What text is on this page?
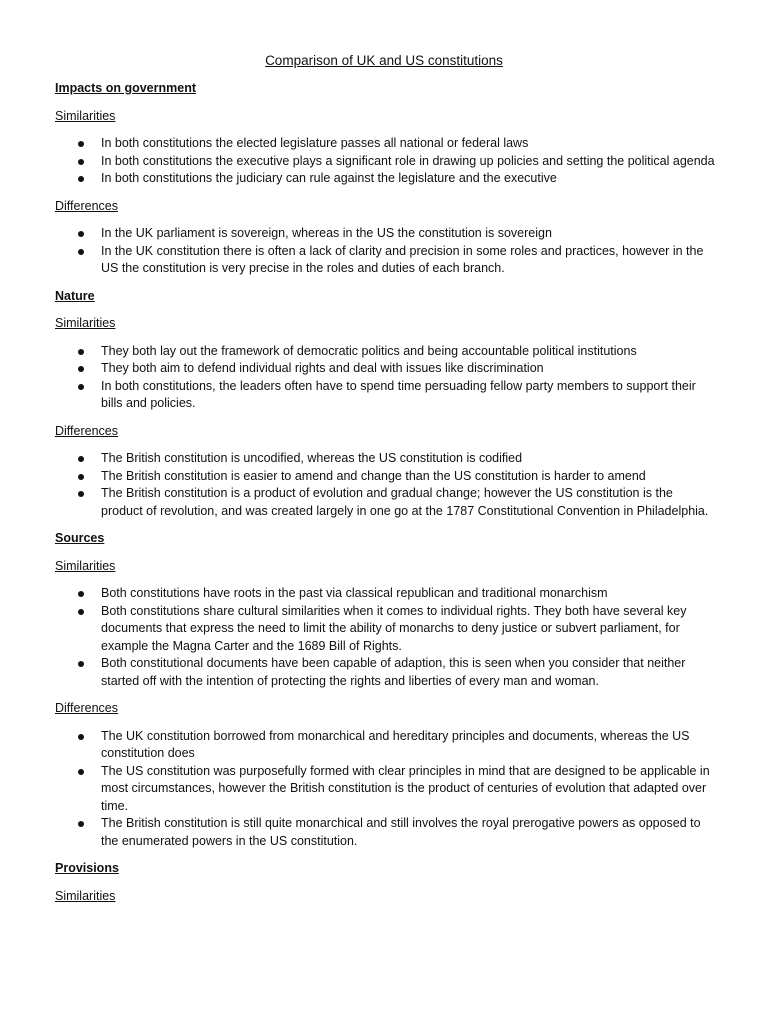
Comparison of UK and US constitutions
Impacts on government
Similarities
In both constitutions the elected legislature passes all national or federal laws
In both constitutions the executive plays a significant role in drawing up policies and setting the political agenda
In both constitutions the judiciary can rule against the legislature and the executive
Differences
In the UK parliament is sovereign, whereas in the US the constitution is sovereign
In the UK constitution there is often a lack of clarity and precision in some roles and practices, however in the US the constitution is very precise in the roles and duties of each branch.
Nature
Similarities
They both lay out the framework of democratic politics and being accountable political institutions
They both aim to defend individual rights and deal with issues like discrimination
In both constitutions, the leaders often have to spend time persuading fellow party members to support their bills and policies.
Differences
The British constitution is uncodified, whereas the US constitution is codified
The British constitution is easier to amend and change than the US constitution is harder to amend
The British constitution is a product of evolution and gradual change; however the US constitution is the product of revolution, and was created largely in one go at the 1787 Constitutional Convention in Philadelphia.
Sources
Similarities
Both constitutions have roots in the past via classical republican and traditional monarchism
Both constitutions share cultural similarities when it comes to individual rights. They both have several key documents that express the need to limit the ability of monarchs to deny justice or subvert parliament, for example the Magna Carter and the 1689 Bill of Rights.
Both constitutional documents have been capable of adaption, this is seen when you consider that neither started off with the intention of protecting the rights and liberties of every man and woman.
Differences
The UK constitution borrowed from monarchical and hereditary principles and documents, whereas the US constitution does
The US constitution was purposefully formed with clear principles in mind that are designed to be applicable in most circumstances, however the British constitution is the product of centuries of evolution that adapted over time.
The British constitution is still quite monarchical and still involves the royal prerogative powers as opposed to the enumerated powers in the US constitution.
Provisions
Similarities
